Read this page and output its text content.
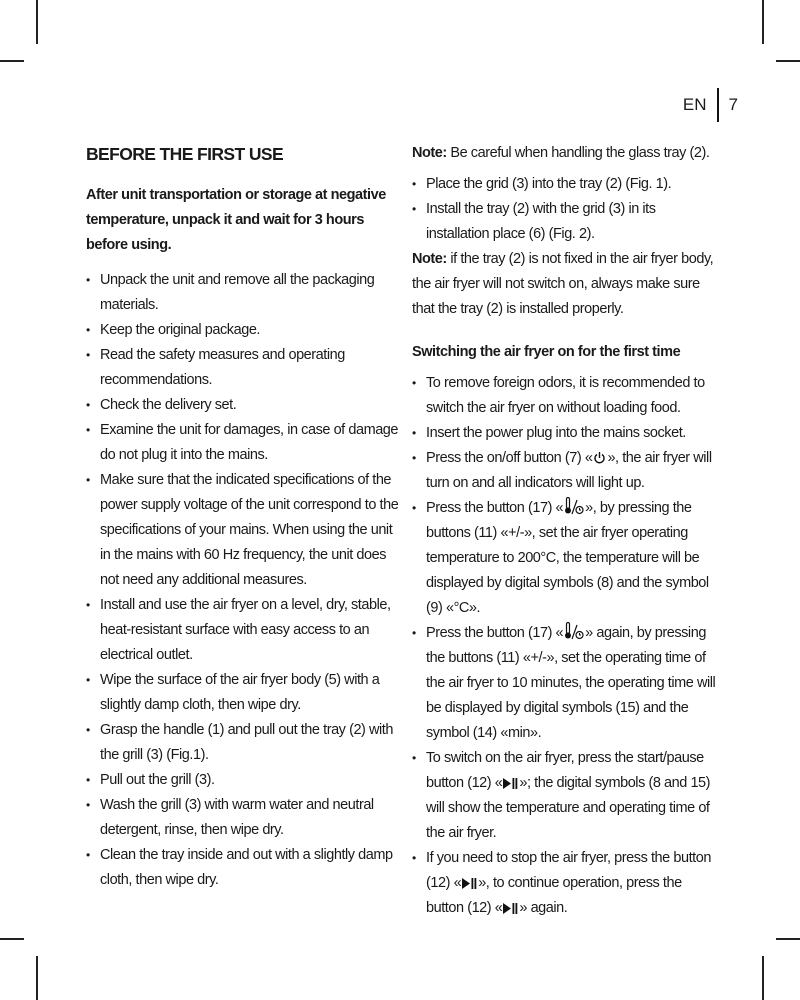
EN	7
BEFORE THE FIRST USE
After unit transportation or storage at negative temperature, unpack it and wait for 3 hours before using.
• Unpack the unit and remove all the packaging materials.
• Keep the original package.
• Read the safety measures and operating recommendations.
• Check the delivery set.
• Examine the unit for damages, in case of damage do not plug it into the mains.
• Make sure that the indicated specifications of the power supply voltage of the unit correspond to the specifications of your mains. When using the unit in the mains with 60 Hz frequency, the unit does not need any additional measures.
• Install and use the air fryer on a level, dry, stable, heat-resistant surface with easy access to an electrical outlet.
• Wipe the surface of the air fryer body (5) with a slightly damp cloth, then wipe dry.
• Grasp the handle (1) and pull out the tray (2) with the grill (3) (Fig.1).
• Pull out the grill (3).
• Wash the grill (3) with warm water and neutral detergent, rinse, then wipe dry.
• Clean the tray inside and out with a slightly damp cloth, then wipe dry.
Note: Be careful when handling the glass tray (2).
• Place the grid (3) into the tray (2) (Fig. 1).
• Install the tray (2) with the grid (3) in its installation place (6) (Fig. 2).
Note: if the tray (2) is not fixed in the air fryer body, the air fryer will not switch on, always make sure that the tray (2) is installed properly.
Switching the air fryer on for the first time
• To remove foreign odors, it is recommended to switch the air fryer on without loading food.
• Insert the power plug into the mains socket.
• Press the on/off button (7) « », the air fryer will turn on and all indicators will light up.
• Press the button (17) « », by pressing the buttons (11) «+/-», set the air fryer operating temperature to 200°C, the temperature will be displayed by digital symbols (8) and the symbol (9) «°C».
• Press the button (17) « » again, by pressing the buttons (11) «+/-», set the operating time of the air fryer to 10 minutes, the operating time will be displayed by digital symbols (15) and the symbol (14) «min».
• To switch on the air fryer, press the start/pause button (12) « »; the digital symbols (8 and 15) will show the temperature and operating time of the air fryer.
• If you need to stop the air fryer, press the button (12) « », to continue operation, press the button (12) « » again.
